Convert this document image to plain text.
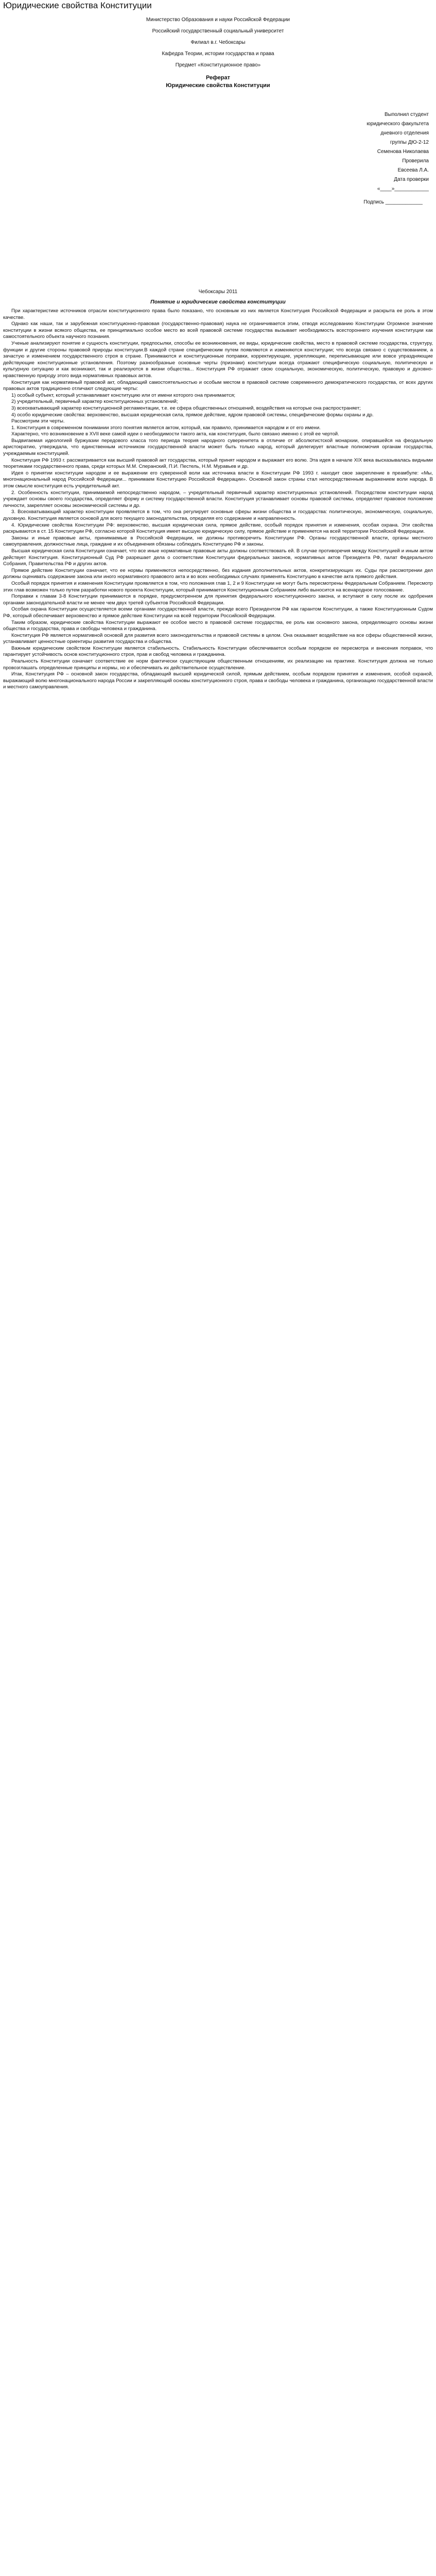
Юридические свойства Конституции
Министерство Образования и науки Российской Федерации
Российский государственный социальный университет
Филиал в.г. Чебоксары
Кафедра Теории, истории государства и права
Предмет «Конституционное право»
Реферат
Юридические свойства Конституции
Выполнил студент
юридического факультета
дневного отделения
группы ДЮ-2-12
Семенова Николаева
Проверила
Евсеева Л.А.
Дата проверки
«____»____________
Подпись _____________
Чебоксары 2011
Понятие и юридические свойства конституции

При характеристике источников отрасли конституционного права было показано, что основным из них является Конституция Российской Федерации и раскрыта ее роль в этом качестве.

Однако как наши, так и зарубежная конституционно-правовая (государственно-правовая) наука не ограничивается этим, отводя исследованию Конституции Огромное значение конституции в жизни всякого общества, ее принципиально особое место во всей правовой системе государства вызывает необходимость всестороннего изучения конституции как самостоятельного объекта научного познания.

Ученые анализируют понятие и сущность конституции, предпосылки, способы ее возникновения, ее виды, юридические свойства, место в правовой системе государства, структуру, функции и другие стороны правовой природы конституции.В каждой стране специфическим путем появляются и изменяются конституции; что всегда связано с существованием, а зачастую и изменением государственного строя в стране. Принимаются и конституционные поправки, корректирующие, укрепляющие, переписывающие или вовсе упраздняющие действующие конституционные установления. Поэтому разнообразные основные черты (признаки) конституции всегда отражают специфическую социальную, политическую и культурную ситуацию и как возникают, так и реализуются в жизни общества... Конституция РФ отражает свою социальную, экономическую, политическую, правовую и духовно-нравственную природу этого вида нормативных правовых актов.

Конституция как нормативный правовой акт, обладающий самостоятельностью и особым местом в правовой системе современного демократического государства, от всех других правовых актов традиционно отличают следующие черты:

1) особый субъект, который устанавливает конституцию или от имени которого она принимается;

2) учредительный, первичный характер конституционных установлений;

3) всеохватывающий характер конституционной регламентации, т.е. ее сфера общественных отношений, воздействия на которые она распространяет;

4) особо юридические свойства: верховенство, высшая юридическая сила, прямое действие, ядром правовой системы, специфические формы охраны и др.

Рассмотрим эти черты.

1. Конституция в современном понимании этого понятия является актом, который, как правило, принимается народом и от его имени.

Характерно, что возникновение в XVII веке самой идеи о необходимости такого акта, как конституция, было связано именно с этой ее чертой.

Выдвигаемая идеологией буржуазии передового класса того периода теория народного суверенитета в отличие от абсолютистской монархии, опиравшейся на феодальную аристократию, утверждала, что единственным источником государственной власти может быть только народ, который делегирует властные полномочия органам государства, учреждаемым конституцией.

Конституция РФ 1993 г. рассматривается как высший правовой акт государства, который принят народом и выражает его волю. Эта идея в начале XIX века высказывалась видными теоретиками государственного права, среди которых М.М. Сперанский, П.И. Пестель, Н.М. Муравьев и др.

Идея о принятии конституции народом и ее выражении его суверенной воли как источника власти в Конституции РФ 1993 г. находит свое закрепление в преамбуле: «Мы, многонациональный народ Российской Федерации... принимаем Конституцию Российской Федерации». Основной закон страны стал непосредственным выражением воли народа. В этом смысле конституция есть учредительный акт.

2. Особенность конституции, принимаемой непосредственно народом, – учредительный первичный характер конституционных установлений. Посредством конституции народ учреждает основы своего государства, определяет форму и систему государственной власти. Конституция устанавливает основы правовой системы, определяет правовое положение личности, закрепляет основы экономической системы и др.

3. Всеохватывающий характер конституции проявляется в том, что она регулирует основные сферы жизни общества и государства: политическую, экономическую, социальную, духовную. Конституция является основой для всего текущего законодательства, определяя его содержание и направленность.

4. Юридические свойства Конституции РФ: верховенство, высшая юридическая сила, прямое действие, особый порядок принятия и изменения, особая охрана. Эти свойства раскрываются в ст. 15 Конституции РФ, согласно которой Конституция имеет высшую юридическую силу, прямое действие и применяется на всей территории Российской Федерации.

Законы и иные правовые акты, принимаемые в Российской Федерации, не должны противоречить Конституции РФ. Органы государственной власти, органы местного самоуправления, должностные лица, граждане и их объединения обязаны соблюдать Конституцию РФ и законы.

Высшая юридическая сила Конституции означает, что все иные нормативные правовые акты должны соответствовать ей. В случае противоречия между Конституцией и иным актом действует Конституция. Конституционный Суд РФ разрешает дела о соответствии Конституции федеральных законов, нормативных актов Президента РФ, палат Федерального Собрания, Правительства РФ и других актов.

Прямое действие Конституции означает, что ее нормы применяются непосредственно, без издания дополнительных актов, конкретизирующих их. Суды при рассмотрении дел должны оценивать содержание закона или иного нормативного правового акта и во всех необходимых случаях применять Конституцию в качестве акта прямого действия.

Особый порядок принятия и изменения Конституции проявляется в том, что положения глав 1, 2 и 9 Конституции не могут быть пересмотрены Федеральным Собранием. Пересмотр этих глав возможен только путем разработки нового проекта Конституции, который принимается Конституционным Собранием либо выносится на всенародное голосование.

Поправки к главам 3-8 Конституции принимаются в порядке, предусмотренном для принятия федерального конституционного закона, и вступают в силу после их одобрения органами законодательной власти не менее чем двух третей субъектов Российской Федерации.

Особая охрана Конституции осуществляется всеми органами государственной власти, прежде всего Президентом РФ как гарантом Конституции, а также Конституционным Судом РФ, который обеспечивает верховенство и прямое действие Конституции на всей территории Российской Федерации.

Таким образом, юридические свойства Конституции выражают ее особое место в правовой системе государства, ее роль как основного закона, определяющего основы жизни общества и государства, права и свободы человека и гражданина.

Конституция РФ является нормативной основой для развития всего законодательства и правовой системы в целом. Она оказывает воздействие на все сферы общественной жизни, устанавливает ценностные ориентиры развития государства и общества.

Важным юридическим свойством Конституции является стабильность. Стабильность Конституции обеспечивается особым порядком ее пересмотра и внесения поправок, что гарантирует устойчивость основ конституционного строя, прав и свобод человека и гражданина.

Реальность Конституции означает соответствие ее норм фактически существующим общественным отношениям, их реализацию на практике. Конституция должна не только провозглашать определенные принципы и нормы, но и обеспечивать их действительное осуществление.

Итак, Конституция РФ – основной закон государства, обладающий высшей юридической силой, прямым действием, особым порядком принятия и изменения, особой охраной, выражающий волю многонационального народа России и закрепляющий основы конституционного строя, права и свободы человека и гражданина, организацию государственной власти и местного самоуправления.
